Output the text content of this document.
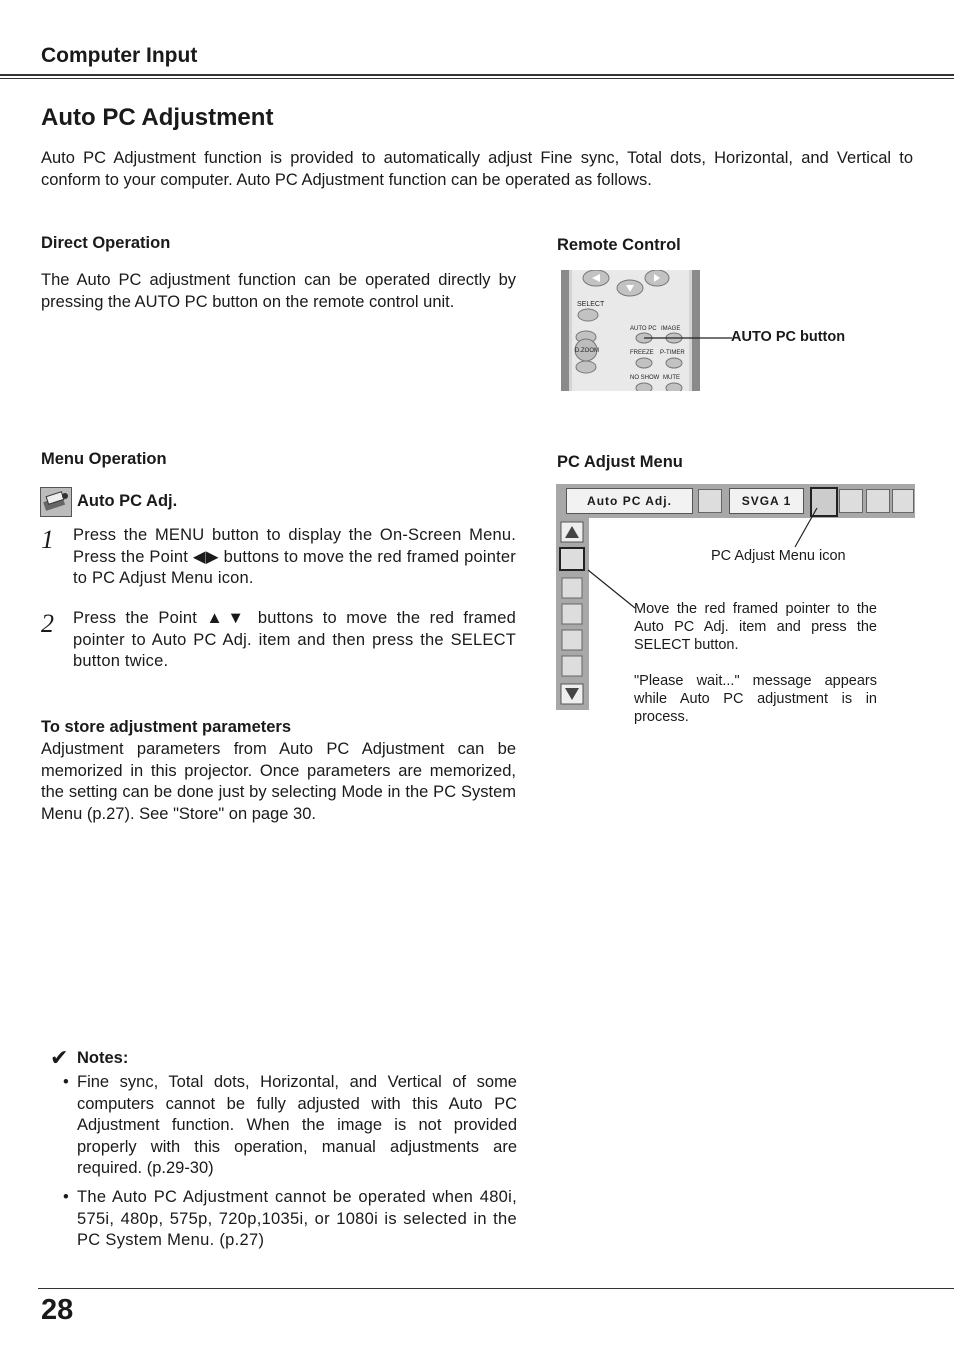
Computer Input
Auto PC Adjustment
Auto PC Adjustment function is provided to automatically adjust Fine sync, Total dots, Horizontal, and Vertical to conform to your computer. Auto PC Adjustment function can be operated as follows.
Direct Operation
The Auto PC adjustment function can be operated directly by pressing the AUTO PC button on the remote control unit.
Remote Control
SELECT
AUTO PC IMAGE
D.ZOOM	FREEZE P-TIMER
NO SHOW MUTE
AUTO PC button
Menu Operation
Auto PC Adj.
1 Press the MENU button to display the On-Screen Menu. Press the Point ◀▶ buttons to move the red framed pointer to PC Adjust Menu icon.
2 Press the Point ▲▼ buttons to move the red framed pointer to Auto PC Adj. item and then press the SELECT button twice.
PC Adjust Menu
Auto PC Adj.	SVGA 1
PC Adjust Menu icon
Move the red framed pointer to the Auto PC Adj. item and press the SELECT button.
"Please wait..." message appears while Auto PC adjustment is in process.
To store adjustment parameters
Adjustment parameters from Auto PC Adjustment can be memorized in this projector. Once parameters are memorized, the setting can be done just by selecting Mode in the PC System Menu (p.27). See "Store" on page 30.
✔ Notes:
• Fine sync, Total dots, Horizontal, and Vertical of some computers cannot be fully adjusted with this Auto PC Adjustment function. When the image is not provided properly with this operation, manual adjustments are required. (p.29-30)
• The Auto PC Adjustment cannot be operated when 480i, 575i, 480p, 575p, 720p,1035i, or 1080i is selected in the PC System Menu. (p.27)
28
